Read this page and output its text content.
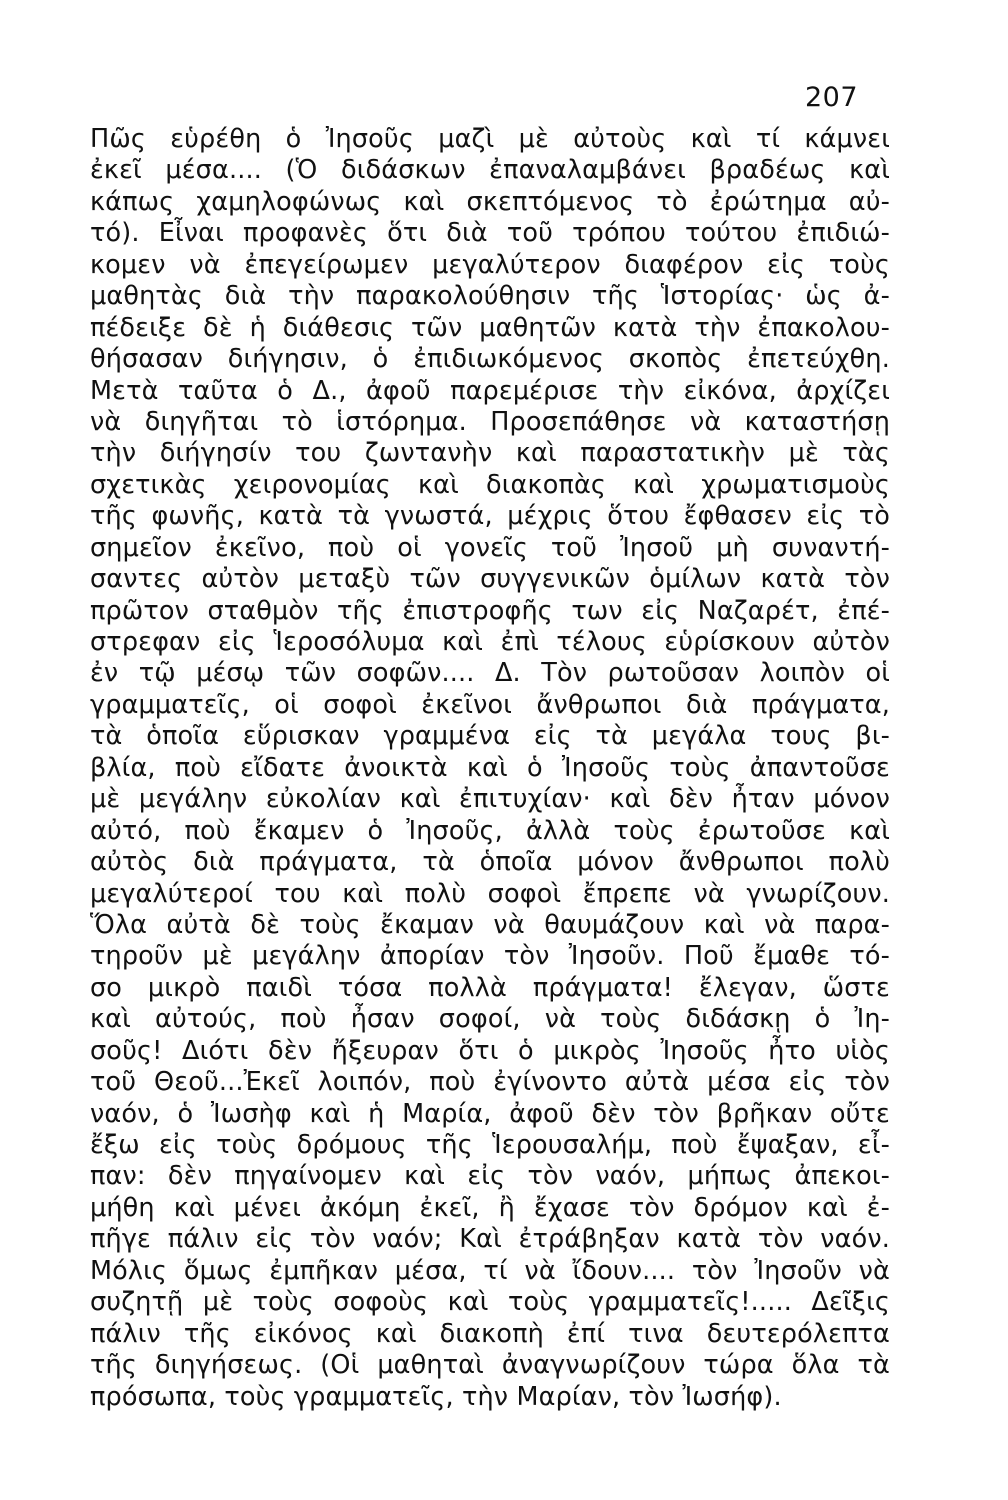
207

Πῶς εὑρέθη ὁ Ἰησοῦς μαζὶ μὲ αὐτοὺς καὶ τί κάμνει
ἐκεῖ μέσα.... (Ὁ διδάσκων ἐπαναλαμβάνει βραδέως καὶ
κάπως χαμηλοφώνως καὶ σκεπτόμενος τὸ ἐρώτημα αὐ-
τό). Εἶναι προφανὲς ὅτι διὰ τοῦ τρόπου τούτου ἐπιδιώ-
κομεν νὰ ἐπεγείρωμεν μεγαλύτερον διαφέρον εἰς τοὺς
μαθητὰς διὰ τὴν παρακολούθησιν τῆς Ἱστορίας· ὡς ἀ-
πέδειξε δὲ ἡ διάθεσις τῶν μαθητῶν κατὰ τὴν ἐπακολου-
θήσασαν διήγησιν, ὁ ἐπιδιωκόμενος σκοπὸς ἐπετεύχθη.
Μετὰ ταῦτα ὁ Δ., ἀφοῦ παρεμέρισε τὴν εἰκόνα, ἀρχίζει
νὰ διηγῆται τὸ ἱστόρημα. Προσεπάθησε νὰ καταστήσῃ
τὴν διήγησίν του ζωντανὴν καὶ παραστατικὴν μὲ τὰς
σχετικὰς χειρονομίας καὶ διακοπὰς καὶ χρωματισμοὺς
τῆς φωνῆς, κατὰ τὰ γνωστά, μέχρις ὅτου ἔφθασεν εἰς τὸ
σημεῖον ἐκεῖνο, ποὺ οἱ γονεῖς τοῦ Ἰησοῦ μὴ συναντή-
σαντες αὐτὸν μεταξὺ τῶν συγγενικῶν ὁμίλων κατὰ τὸν
πρῶτον σταθμὸν τῆς ἐπιστροφῆς των εἰς Ναζαρέτ, ἐπέ-
στρεφαν εἰς Ἱεροσόλυμα καὶ ἐπὶ τέλους εὑρίσκουν αὐτὸν
ἐν τῷ μέσῳ τῶν σοφῶν.... Δ. Τὸν ρωτοῦσαν λοιπὸν οἱ
γραμματεῖς, οἱ σοφοὶ ἐκεῖνοι ἄνθρωποι διὰ πράγματα,
τὰ ὁποῖα εὕρισκαν γραμμένα εἰς τὰ μεγάλα τους βι-
βλία, ποὺ εἴδατε ἀνοικτὰ καὶ ὁ Ἰησοῦς τοὺς ἀπαντοῦσε
μὲ μεγάλην εὐκολίαν καὶ ἐπιτυχίαν· καὶ δὲν ἦταν μόνον
αὐτό, ποὺ ἔκαμεν ὁ Ἰησοῦς, ἀλλὰ τοὺς ἐρωτοῦσε καὶ
αὐτὸς διὰ πράγματα, τὰ ὁποῖα μόνον ἄνθρωποι πολὺ
μεγαλύτεροί του καὶ πολὺ σοφοὶ ἔπρεπε νὰ γνωρίζουν.
Ὅλα αὐτὰ δὲ τοὺς ἔκαμαν νὰ θαυμάζουν καὶ νὰ παρα-
τηροῦν μὲ μεγάλην ἀπορίαν τὸν Ἰησοῦν. Ποῦ ἔμαθε τό-
σο μικρὸ παιδὶ τόσα πολλὰ πράγματα! ἔλεγαν, ὥστε
καὶ αὐτούς, ποὺ ἦσαν σοφοί, νὰ τοὺς διδάσκῃ ὁ Ἰη-
σοῦς! Διότι δὲν ἤξευραν ὅτι ὁ μικρὸς Ἰησοῦς ἦτο υἱὸς
τοῦ Θεοῦ...Ἐκεῖ λοιπόν, ποὺ ἐγίνοντο αὐτὰ μέσα εἰς τὸν
ναόν, ὁ Ἰωσὴφ καὶ ἡ Μαρία, ἀφοῦ δὲν τὸν βρῆκαν οὔτε
ἔξω εἰς τοὺς δρόμους τῆς Ἱερουσαλήμ, ποὺ ἔψαξαν, εἶ-
παν: δὲν πηγαίνομεν καὶ εἰς τὸν ναόν, μήπως ἀπεκοι-
μήθη καὶ μένει ἀκόμη ἐκεῖ, ἢ ἔχασε τὸν δρόμον καὶ ἐ-
πῆγε πάλιν εἰς τὸν ναόν; Καὶ ἐτράβηξαν κατὰ τὸν ναόν.
Μόλις ὅμως ἐμπῆκαν μέσα, τί νὰ ἴδουν.... τὸν Ἰησοῦν νὰ
συζητῇ μὲ τοὺς σοφοὺς καὶ τοὺς γραμματεῖς!..... Δεῖξις
πάλιν τῆς εἰκόνος καὶ διακοπὴ ἐπί τινα δευτερόλεπτα
τῆς διηγήσεως. (Οἱ μαθηταὶ ἀναγνωρίζουν τώρα ὅλα τὰ
πρόσωπα, τοὺς γραμματεῖς, τὴν Μαρίαν, τὸν Ἰωσήφ).
